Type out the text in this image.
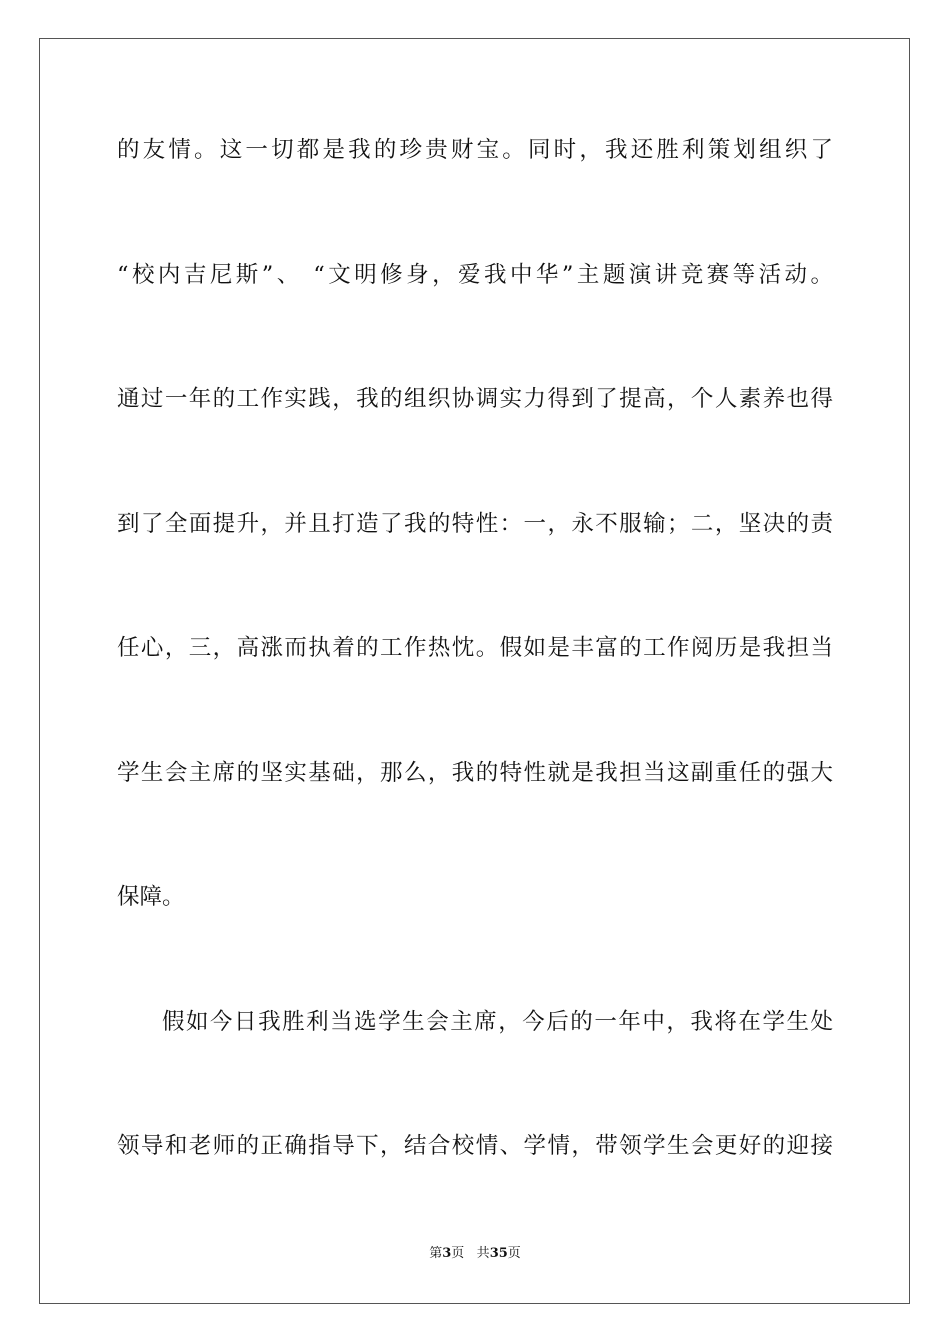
的友情。这一切都是我的珍贵财宝。同时，我还胜利策划组织了
“校内吉尼斯”、 “文明修身，爱我中华”主题演讲竞赛等活动。
通过一年的工作实践，我的组织协调实力得到了提高，个人素养也得
到了全面提升，并且打造了我的特性：一，永不服输；二，坚决的责
任心，三，高涨而执着的工作热忱。假如是丰富的工作阅历是我担当
学生会主席的坚实基础，那么，我的特性就是我担当这副重任的强大
保障。
假如今日我胜利当选学生会主席，今后的一年中，我将在学生处
领导和老师的正确指导下，结合校情、学情，带领学生会更好的迎接
第3页 共35页
